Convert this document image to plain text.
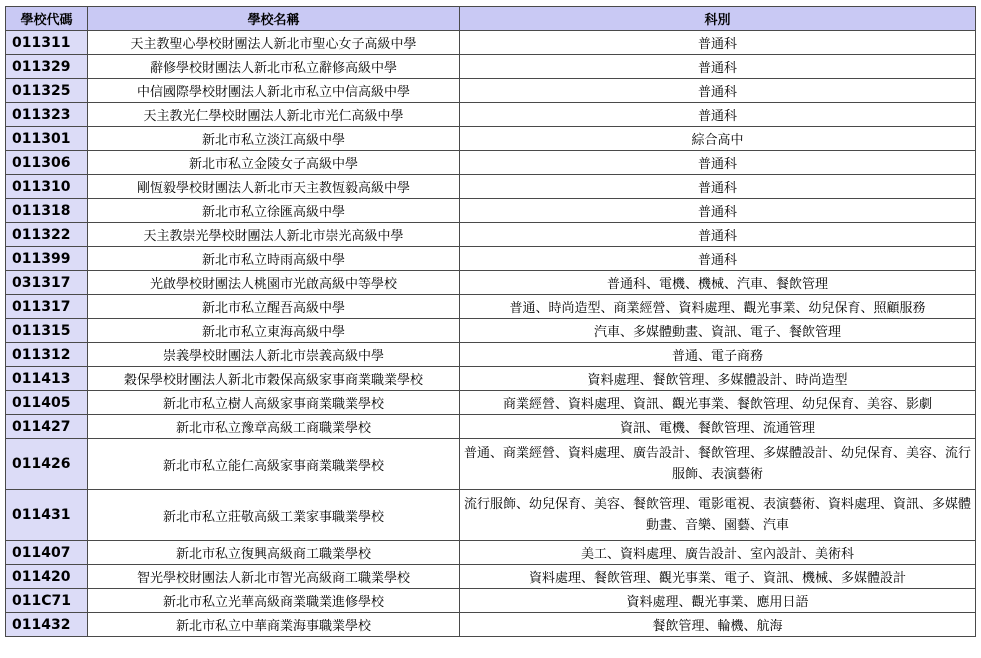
學校代碼	學校名稱	科別
011311	天主教聖心學校財團法人新北市聖心女子高級中學	普通科
011329	辭修學校財團法人新北市私立辭修高級中學	普通科
011325	中信國際學校財團法人新北市私立中信高級中學	普通科
011323	天主教光仁學校財團法人新北市光仁高級中學	普通科
011301	新北市私立淡江高級中學	綜合高中
011306	新北市私立金陵女子高級中學	普通科
011310	剛恆毅學校財團法人新北市天主教恆毅高級中學	普通科
011318	新北市私立徐匯高級中學	普通科
011322	天主教崇光學校財團法人新北市崇光高級中學	普通科
011399	新北市私立時雨高級中學	普通科
031317	光啟學校財團法人桃園市光啟高級中等學校	普通科、電機、機械、汽車、餐飲管理
011317	新北市私立醒吾高級中學	普通、時尚造型、商業經營、資料處理、觀光事業、幼兒保育、照顧服務
011315	新北市私立東海高級中學	汽車、多媒體動畫、資訊、電子、餐飲管理
011312	崇義學校財團法人新北市崇義高級中學	普通、電子商務
011413	穀保學校財團法人新北市穀保高級家事商業職業學校	資料處理、餐飲管理、多媒體設計、時尚造型
011405	新北市私立樹人高級家事商業職業學校	商業經營、資料處理、資訊、觀光事業、餐飲管理、幼兒保育、美容、影劇
011427	新北市私立豫章高級工商職業學校	資訊、電機、餐飲管理、流通管理
011426	新北市私立能仁高級家事商業職業學校	普通、商業經營、資料處理、廣告設計、餐飲管理、多媒體設計、幼兒保育、美容、流行服飾、表演藝術
011431	新北市私立莊敬高級工業家事職業學校	流行服飾、幼兒保育、美容、餐飲管理、電影電視、表演藝術、資料處理、資訊、多媒體動畫、音樂、園藝、汽車
011407	新北市私立復興高級商工職業學校	美工、資料處理、廣告設計、室內設計、美術科
011420	智光學校財團法人新北市智光高級商工職業學校	資料處理、餐飲管理、觀光事業、電子、資訊、機械、多媒體設計
011C71	新北市私立光華高級商業職業進修學校	資料處理、觀光事業、應用日語
011432	新北市私立中華商業海事職業學校	餐飲管理、輪機、航海
